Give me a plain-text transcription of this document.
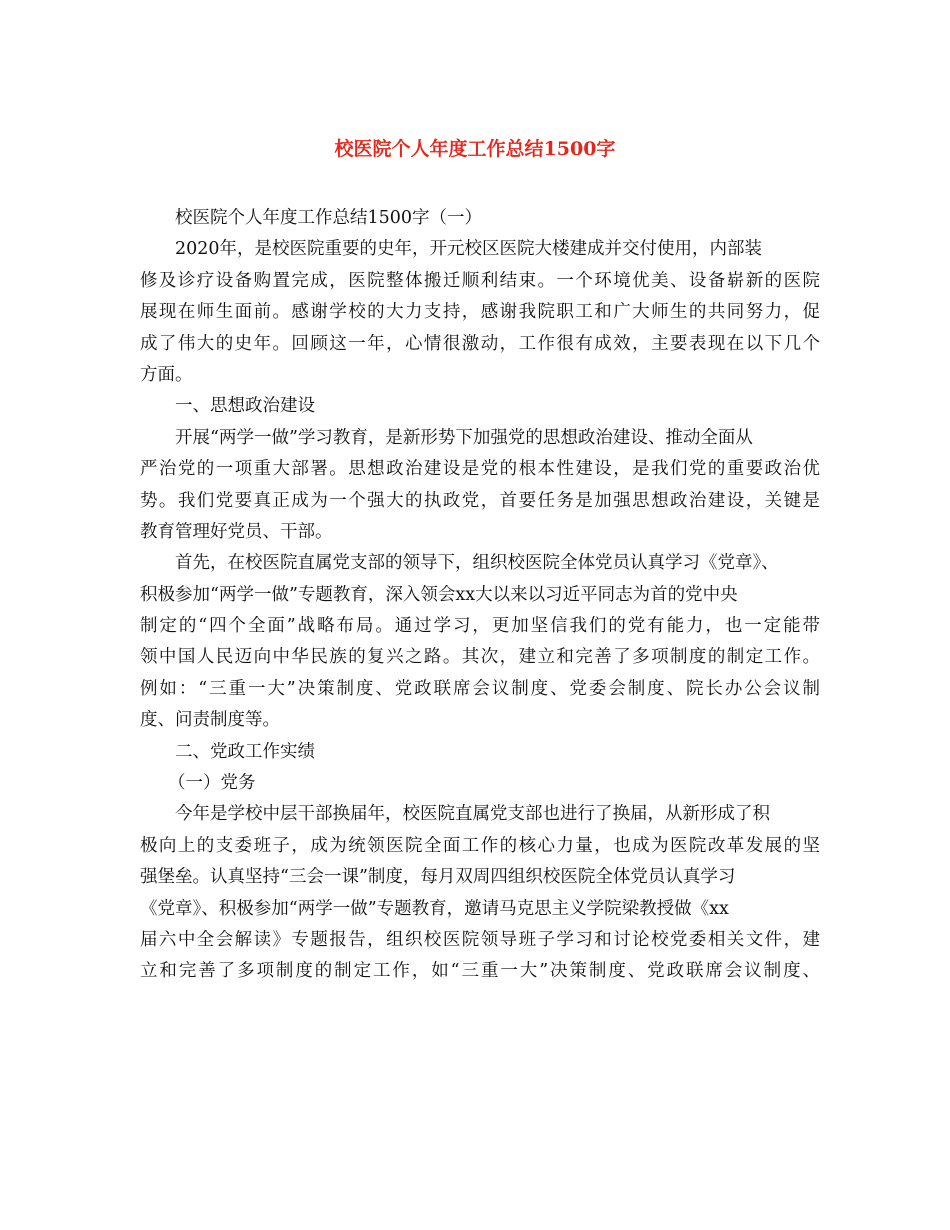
校医院个人年度工作总结1500字
校医院个人年度工作总结1500字（一）
2020年，是校医院重要的史年，开元校区医院大楼建成并交付使用，内部装
修及诊疗设备购置完成，医院整体搬迁顺利结束。一个环境优美、设备崭新的医院
展现在师生面前。感谢学校的大力支持，感谢我院职工和广大师生的共同努力，促
成了伟大的史年。回顾这一年，心情很激动，工作很有成效，主要表现在以下几个
方面。
一、思想政治建设
开展“两学一做”学习教育，是新形势下加强党的思想政治建设、推动全面从
严治党的一项重大部署。思想政治建设是党的根本性建设，是我们党的重要政治优
势。我们党要真正成为一个强大的执政党，首要任务是加强思想政治建设，关键是
教育管理好党员、干部。
首先，在校医院直属党支部的领导下，组织校医院全体党员认真学习《党章》、
积极参加“两学一做”专题教育，深入领会xx大以来以习近平同志为首的党中央
制定的“四个全面”战略布局。通过学习，更加坚信我们的党有能力，也一定能带
领中国人民迈向中华民族的复兴之路。其次，建立和完善了多项制度的制定工作。
例如：“三重一大”决策制度、党政联席会议制度、党委会制度、院长办公会议制
度、问责制度等。
二、党政工作实绩
（一）党务
今年是学校中层干部换届年，校医院直属党支部也进行了换届，从新形成了积
极向上的支委班子，成为统领医院全面工作的核心力量，也成为医院改革发展的坚
强堡垒。认真坚持“三会一课”制度，每月双周四组织校医院全体党员认真学习
《党章》、积极参加“两学一做”专题教育，邀请马克思主义学院梁教授做《xx
届六中全会解读》专题报告，组织校医院领导班子学习和讨论校党委相关文件，建
立和完善了多项制度的制定工作，如“三重一大”决策制度、党政联席会议制度、
